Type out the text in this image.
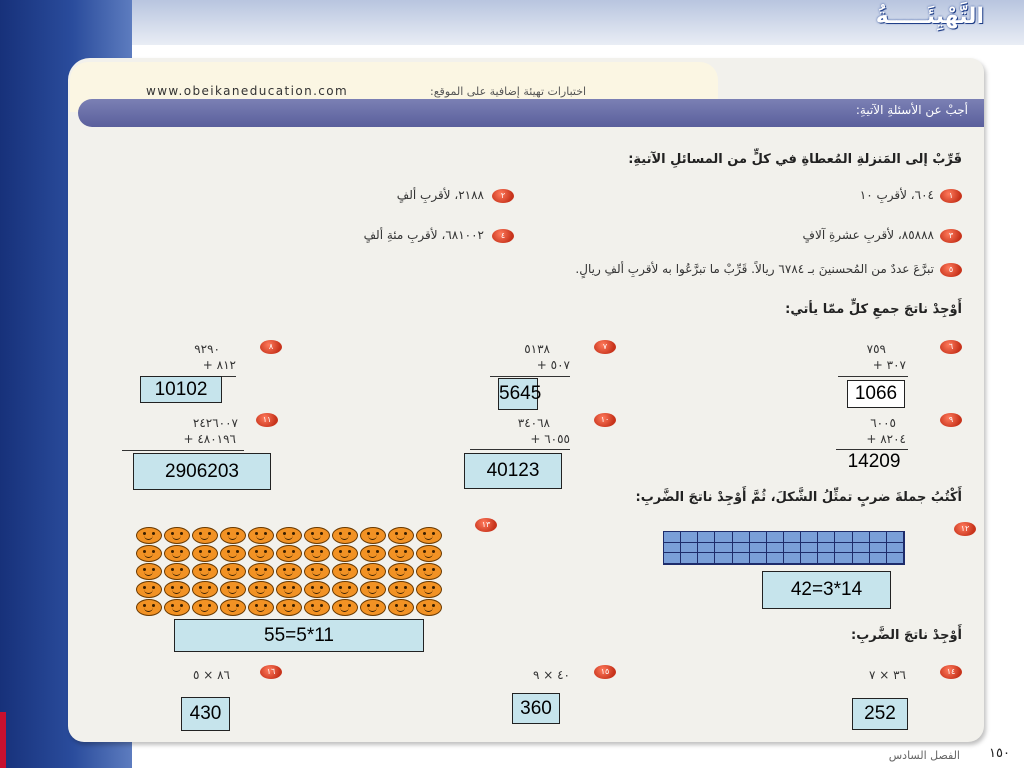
التَّهْيِئَـــــةُ
www.obeikaneducation.com	اختبارات تهيئة إضافية على الموقع:
أجبْ عن الأسئلةِ الآتيةِ:
قَرِّبْ إلى المَنزلةِ المُعطاةِ في كلٍّ من المسائلِ الآتيةِ:
١
٦٠٤، لأقربِ ١٠
٢
٢١٨٨، لأقربِ ألفٍ
٣
٨٥٨٨٨، لأقربِ عشرةِ آلافٍ
٤
٦٨١٠٠٢، لأقربِ مئةِ ألفٍ
٥
تبرَّعَ عددٌ من المُحسنينَ بـ ٦٧٨٤ ريالاً. قَرِّبْ ما تبرَّعُوا به لأقربِ ألفِ ريالٍ.
أَوْجِدْ ناتجَ جمعِ كلٍّ ممّا يأتي:
٦
٧٥٩
٣٠٧ +
1066
٧
٥١٣٨
٥٠٧ +
5645
٨
٩٢٩٠
٨١٢ +
10102
٩
٦٠٠٥
٨٢٠٤ +
14209
١٠
٣٤٠٦٨
٦٠٥٥ +
40123
١١
٢٤٢٦٠٠٧
٤٨٠١٩٦ +
2906203
أَكْتُبُ جملةَ ضربٍ تمثِّلُ الشَّكلَ، ثُمَّ أَوْجِدْ ناتجَ الضَّربِ:
١٢
١٣
42=3*14
55=5*11	أَوْجِدْ ناتجَ الضَّربِ:
١٤
٣٦ × ٧
252
١٥
٤٠ × ٩
360
١٦
٨٦ × ٥
430
١٥٠
الفصل السادس
